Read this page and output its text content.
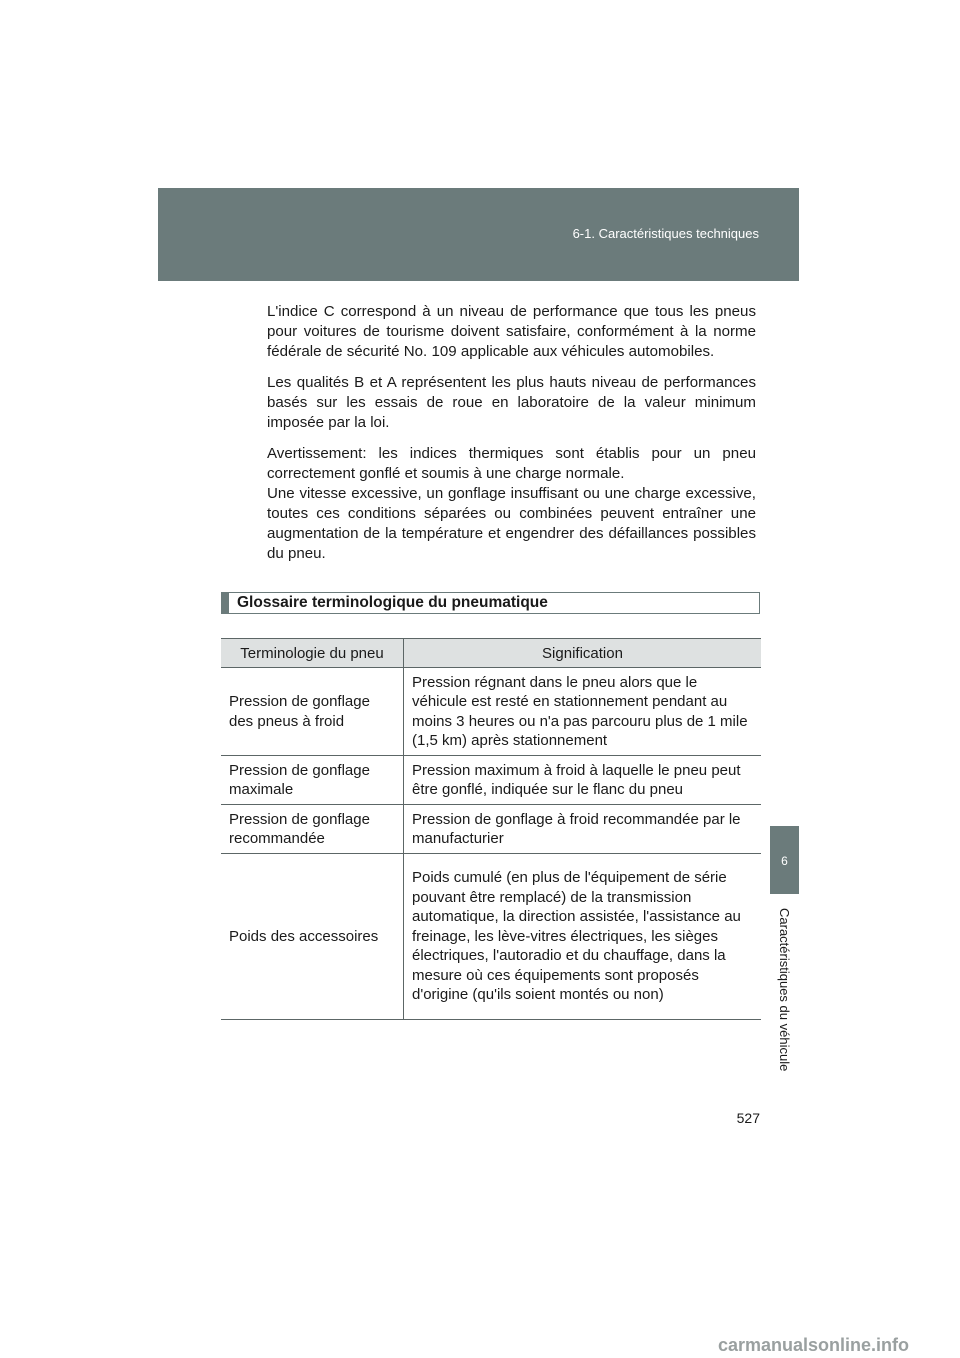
6-1. Caractéristiques techniques
6
Caractéristiques du véhicule

L'indice C correspond à un niveau de performance que tous les pneus pour voitures de tourisme doivent satisfaire, conformément à la norme fédérale de sécurité No. 109 applicable aux véhicules automobiles.

Les qualités B et A représentent les plus hauts niveau de performances basés sur les essais de roue en laboratoire de la valeur minimum imposée par la loi.

Avertissement: les indices thermiques sont établis pour un pneu correctement gonflé et soumis à une charge normale.

Une vitesse excessive, un gonflage insuffisant ou une charge excessive, toutes ces conditions séparées ou combinées peuvent entraîner une augmentation de la température et engendrer des défaillances possibles du pneu.

Glossaire terminologique du pneumatique
Terminologie du pneu	Signification
Pression de gonflage des pneus à froid	Pression régnant dans le pneu alors que le véhicule est resté en stationnement pendant au moins 3 heures ou n'a pas parcouru plus de 1 mile (1,5 km) après stationnement
Pression de gonflage maximale	Pression maximum à froid à laquelle le pneu peut être gonflé, indiquée sur le flanc du pneu
Pression de gonflage recommandée	Pression de gonflage à froid recommandée par le manufacturier
Poids des accessoires	Poids cumulé (en plus de l'équipement de série pouvant être remplacé) de la transmission automatique, la direction assistée, l'assistance au freinage, les lève-vitres électriques, les sièges électriques, l'autoradio et du chauffage, dans la mesure où ces équipements sont proposés d'origine (qu'ils soient montés ou non)
527
carmanualsonline.info
